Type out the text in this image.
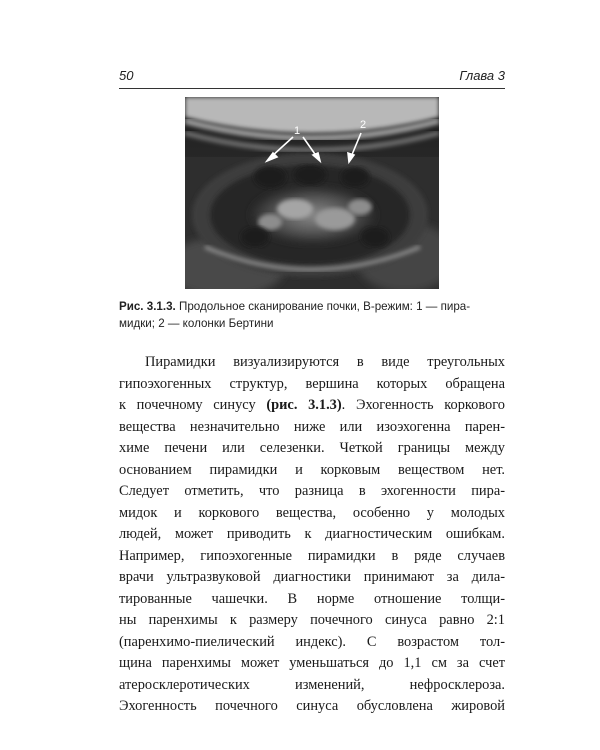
50	Глава 3
1	2
Рис. 3.1.3. Продольное сканирование почки, В-режим: 1 — пира-
мидки; 2 — колонки Бертини
Пирамидки визуализируются в виде треугольных
гипоэхогенных структур, вершина которых обращена
к почечному синусу (рис. 3.1.3). Эхогенность коркового
вещества незначительно ниже или изоэхогенна парен-
химе печени или селезенки. Четкой границы между
основанием пирамидки и корковым веществом нет.
Следует отметить, что разница в эхогенности пира-
мидок и коркового вещества, особенно у молодых
людей, может приводить к диагностическим ошибкам.
Например, гипоэхогенные пирамидки в ряде случаев
врачи ультразвуковой диагностики принимают за дила-
тированные чашечки. В норме отношение толщи-
ны паренхимы к размеру почечного синуса равно 2:1
(паренхимо-пиелический индекс). С возрастом тол-
щина паренхимы может уменьшаться до 1,1 см за счет
атеросклеротических изменений, нефросклероза.
Эхогенность почечного синуса обусловлена жировой
